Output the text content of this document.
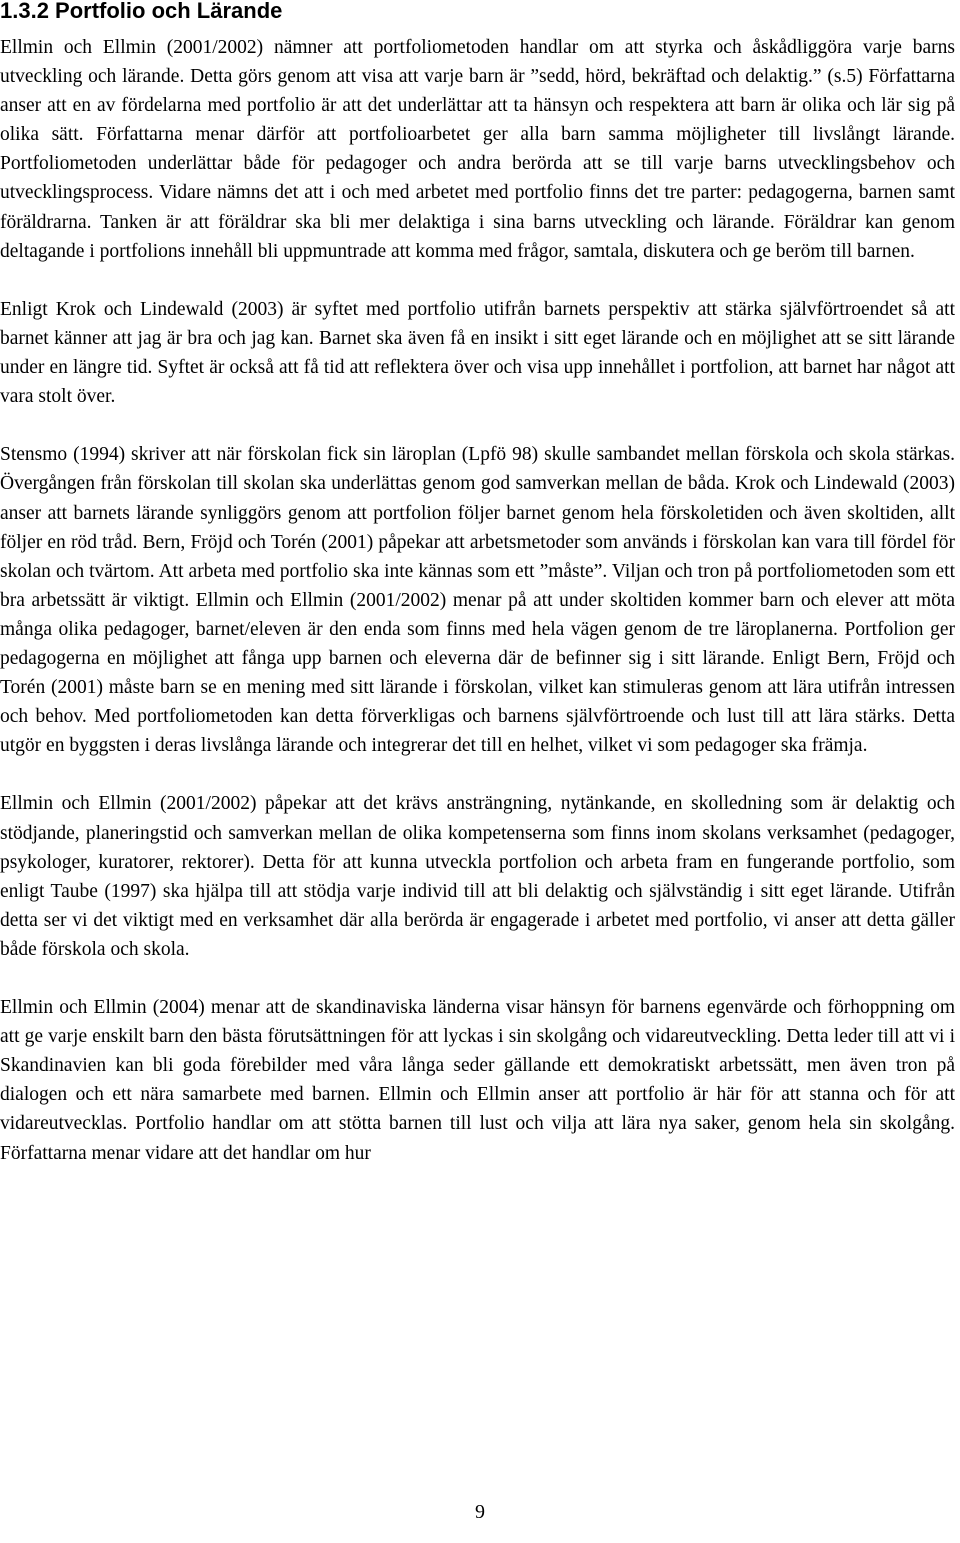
1.3.2 Portfolio och Lärande

Ellmin och Ellmin (2001/2002) nämner att portfoliometoden handlar om att styrka och åskådliggöra varje barns utveckling och lärande. Detta görs genom att visa att varje barn är ”sedd, hörd, bekräftad och delaktig.” (s.5) Författarna anser att en av fördelarna med portfolio är att det underlättar att ta hänsyn och respektera att barn är olika och lär sig på olika sätt. Författarna menar därför att portfolioarbetet ger alla barn samma möjligheter till livslångt lärande. Portfoliometoden underlättar både för pedagoger och andra berörda att se till varje barns utvecklingsbehov och utvecklingsprocess. Vidare nämns det att i och med arbetet med portfolio finns det tre parter: pedagogerna, barnen samt föräldrarna. Tanken är att föräldrar ska bli mer delaktiga i sina barns utveckling och lärande. Föräldrar kan genom deltagande i portfolions innehåll bli uppmuntrade att komma med frågor, samtala, diskutera och ge beröm till barnen.

Enligt Krok och Lindewald (2003) är syftet med portfolio utifrån barnets perspektiv att stärka självförtroendet så att barnet känner att jag är bra och jag kan. Barnet ska även få en insikt i sitt eget lärande och en möjlighet att se sitt lärande under en längre tid. Syftet är också att få tid att reflektera över och visa upp innehållet i portfolion, att barnet har något att vara stolt över.

Stensmo (1994) skriver att när förskolan fick sin läroplan (Lpfö 98) skulle sambandet mellan förskola och skola stärkas. Övergången från förskolan till skolan ska underlättas genom god samverkan mellan de båda. Krok och Lindewald (2003) anser att barnets lärande synliggörs genom att portfolion följer barnet genom hela förskoletiden och även skoltiden, allt följer en röd tråd. Bern, Fröjd och Torén (2001) påpekar att arbetsmetoder som används i förskolan kan vara till fördel för skolan och tvärtom. Att arbeta med portfolio ska inte kännas som ett ”måste”. Viljan och tron på portfoliometoden som ett bra arbetssätt är viktigt. Ellmin och Ellmin (2001/2002) menar på att under skoltiden kommer barn och elever att möta många olika pedagoger, barnet/eleven är den enda som finns med hela vägen genom de tre läroplanerna. Portfolion ger pedagogerna en möjlighet att fånga upp barnen och eleverna där de befinner sig i sitt lärande. Enligt Bern, Fröjd och Torén (2001) måste barn se en mening med sitt lärande i förskolan, vilket kan stimuleras genom att lära utifrån intressen och behov. Med portfoliometoden kan detta förverkligas och barnens självförtroende och lust till att lära stärks. Detta utgör en byggsten i deras livslånga lärande och integrerar det till en helhet, vilket vi som pedagoger ska främja.

Ellmin och Ellmin (2001/2002) påpekar att det krävs ansträngning, nytänkande, en skolledning som är delaktig och stödjande, planeringstid och samverkan mellan de olika kompetenserna som finns inom skolans verksamhet (pedagoger, psykologer, kuratorer, rektorer). Detta för att kunna utveckla portfolion och arbeta fram en fungerande portfolio, som enligt Taube (1997) ska hjälpa till att stödja varje individ till att bli delaktig och självständig i sitt eget lärande. Utifrån detta ser vi det viktigt med en verksamhet där alla berörda är engagerade i arbetet med portfolio, vi anser att detta gäller både förskola och skola.

Ellmin och Ellmin (2004) menar att de skandinaviska länderna visar hänsyn för barnens egenvärde och förhoppning om att ge varje enskilt barn den bästa förutsättningen för att lyckas i sin skolgång och vidareutveckling. Detta leder till att vi i Skandinavien kan bli goda förebilder med våra långa seder gällande ett demokratiskt arbetssätt, men även tron på dialogen och ett nära samarbete med barnen. Ellmin och Ellmin anser att portfolio är här för att stanna och för att vidareutvecklas. Portfolio handlar om att stötta barnen till lust och vilja att lära nya saker, genom hela sin skolgång. Författarna menar vidare att det handlar om hur

9
